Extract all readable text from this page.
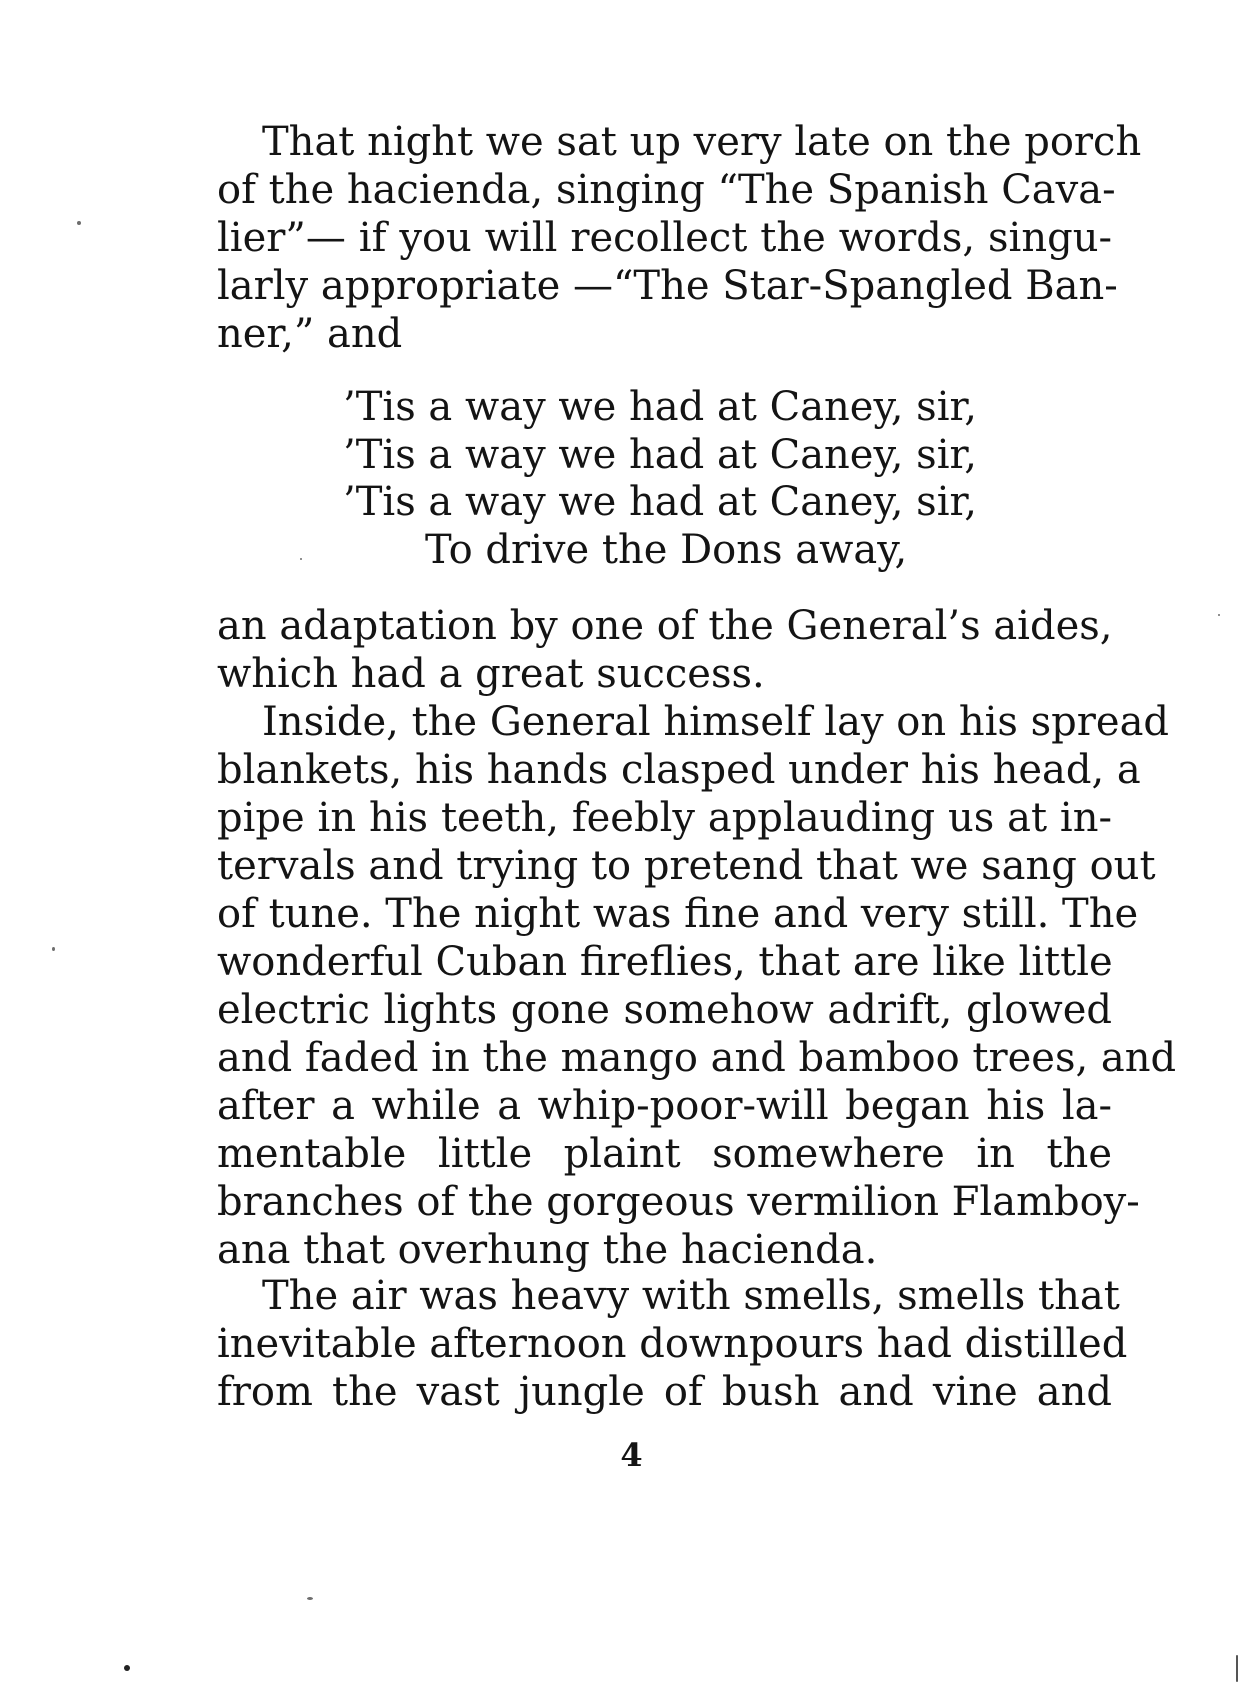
That night we sat up very late on the porch
of the hacienda, singing “The Spanish Cava-
lier”— if you will recollect the words, singu-
larly appropriate —“The Star-Spangled Ban-
ner,” and
’Tis a way we had at Caney, sir,
’Tis a way we had at Caney, sir,
’Tis a way we had at Caney, sir,
To drive the Dons away,
an adaptation by one of the General’s aides,
which had a great success.
Inside, the General himself lay on his spread
blankets, his hands clasped under his head, a
pipe in his teeth, feebly applauding us at in-
tervals and trying to pretend that we sang out
of tune. The night was fine and very still. The
wonderful Cuban fireflies, that are like little
electric lights gone somehow adrift, glowed
and faded in the mango and bamboo trees, and
after a while a whip-poor-will began his la-
mentable little plaint somewhere in the
branches of the gorgeous vermilion Flamboy-
ana that overhung the hacienda.
The air was heavy with smells, smells that
inevitable afternoon downpours had distilled
from the vast jungle of bush and vine and
4
